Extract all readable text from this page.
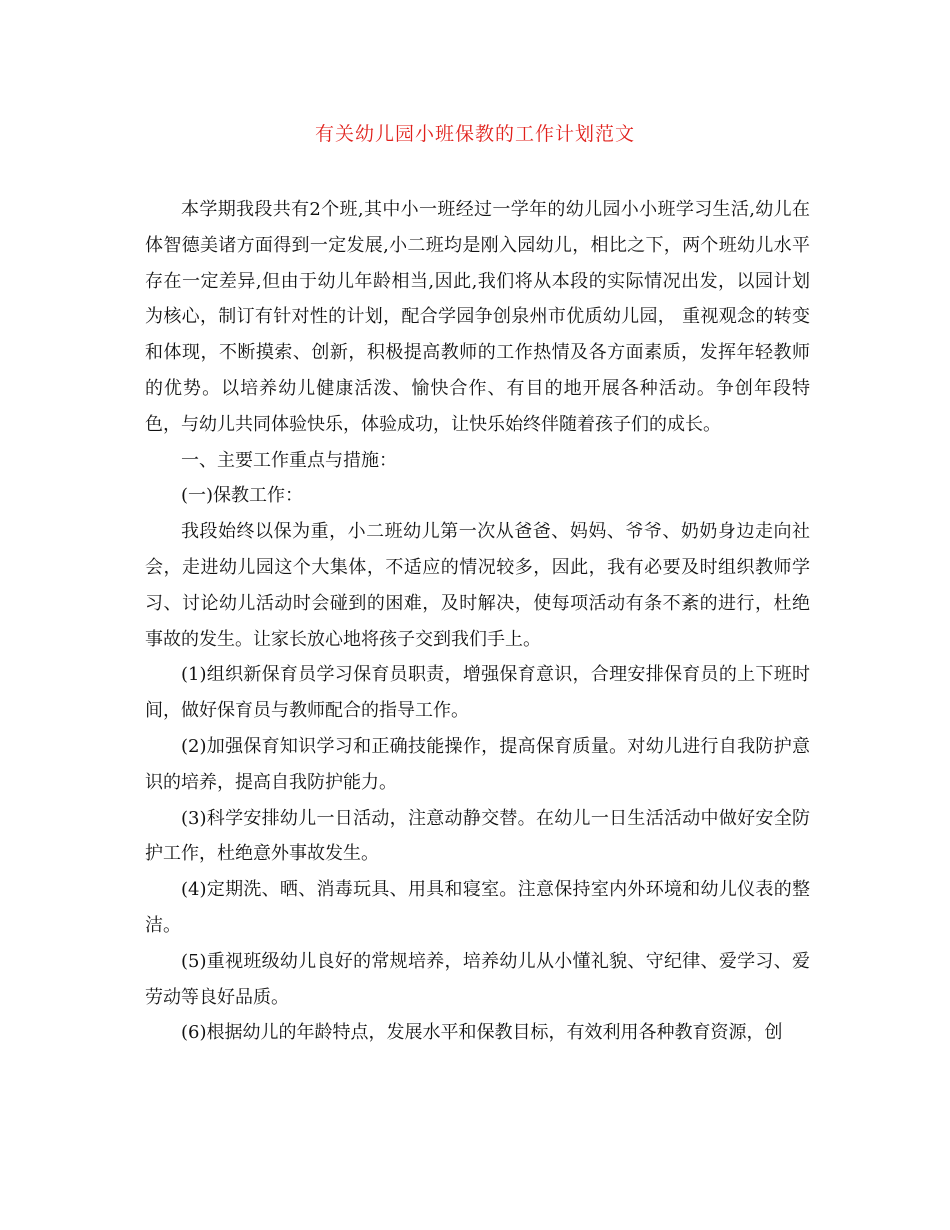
有关幼儿园小班保教的工作计划范文

本学期我段共有2个班,其中小一班经过一学年的幼儿园小小班学习生活,幼儿在体智德美诸方面得到一定发展,小二班均是刚入园幼儿，相比之下，两个班幼儿水平存在一定差异,但由于幼儿年龄相当,因此,我们将从本段的实际情况出发，以园计划为核心，制订有针对性的计划，配合学园争创泉州市优质幼儿园， 重视观念的转变和体现，不断摸索、创新，积极提高教师的工作热情及各方面素质，发挥年轻教师的优势。以培养幼儿健康活泼、愉快合作、有目的地开展各种活动。争创年段特色，与幼儿共同体验快乐，体验成功，让快乐始终伴随着孩子们的成长。

一、主要工作重点与措施：

(一)保教工作：

我段始终以保为重，小二班幼儿第一次从爸爸、妈妈、爷爷、奶奶身边走向社会，走进幼儿园这个大集体，不适应的情况较多，因此，我有必要及时组织教师学习、讨论幼儿活动时会碰到的困难，及时解决，使每项活动有条不紊的进行，杜绝事故的发生。让家长放心地将孩子交到我们手上。

(1)组织新保育员学习保育员职责，增强保育意识，合理安排保育员的上下班时间，做好保育员与教师配合的指导工作。

(2)加强保育知识学习和正确技能操作，提高保育质量。对幼儿进行自我防护意识的培养，提高自我防护能力。

(3)科学安排幼儿一日活动，注意动静交替。在幼儿一日生活活动中做好安全防护工作，杜绝意外事故发生。

(4)定期洗、晒、消毒玩具、用具和寝室。注意保持室内外环境和幼儿仪表的整洁。

(5)重视班级幼儿良好的常规培养，培养幼儿从小懂礼貌、守纪律、爱学习、爱劳动等良好品质。

(6)根据幼儿的年龄特点，发展水平和保教目标，有效利用各种教育资源，创
